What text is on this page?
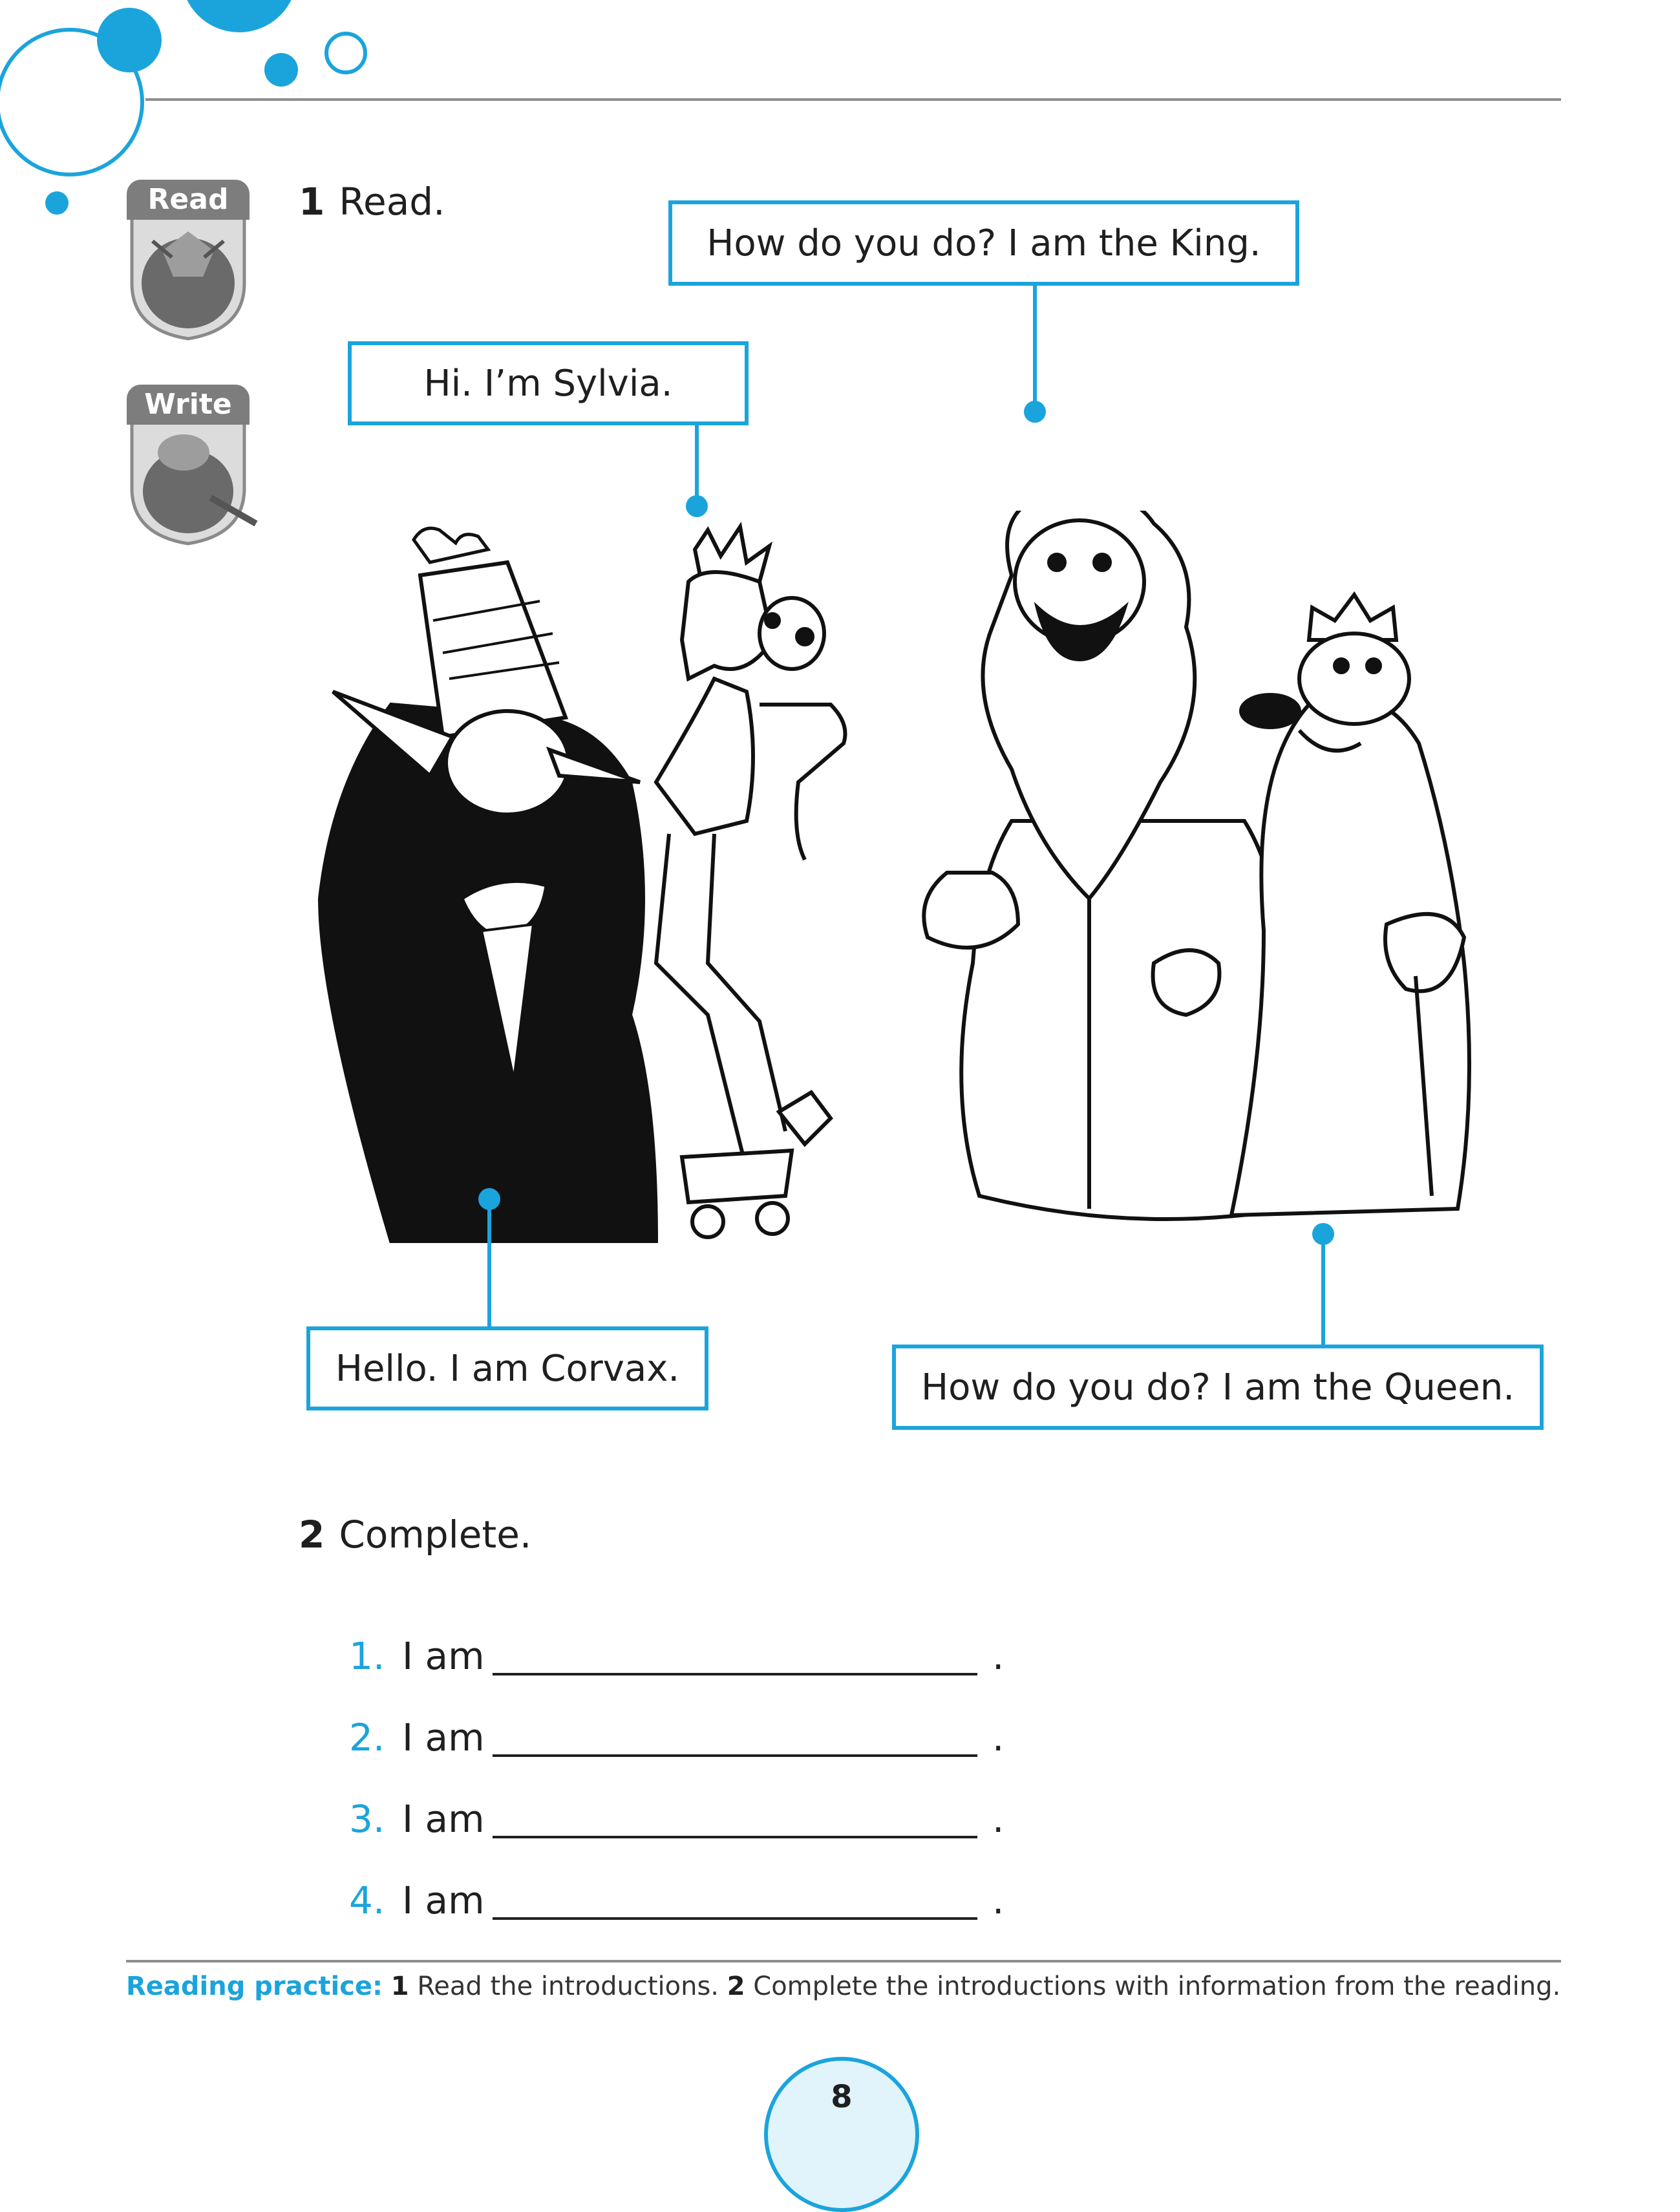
Read
Write
1 Read.
How do you do? I am the King.
Hi. I’m Sylvia.
Hello. I am Corvax.	How do you do? I am the Queen.
2 Complete.
1. I am	.
2. I am	.
3. I am	.
4. I am	.
Reading practice: 1 Read the introductions. 2 Complete the introductions with information from the reading.
8
